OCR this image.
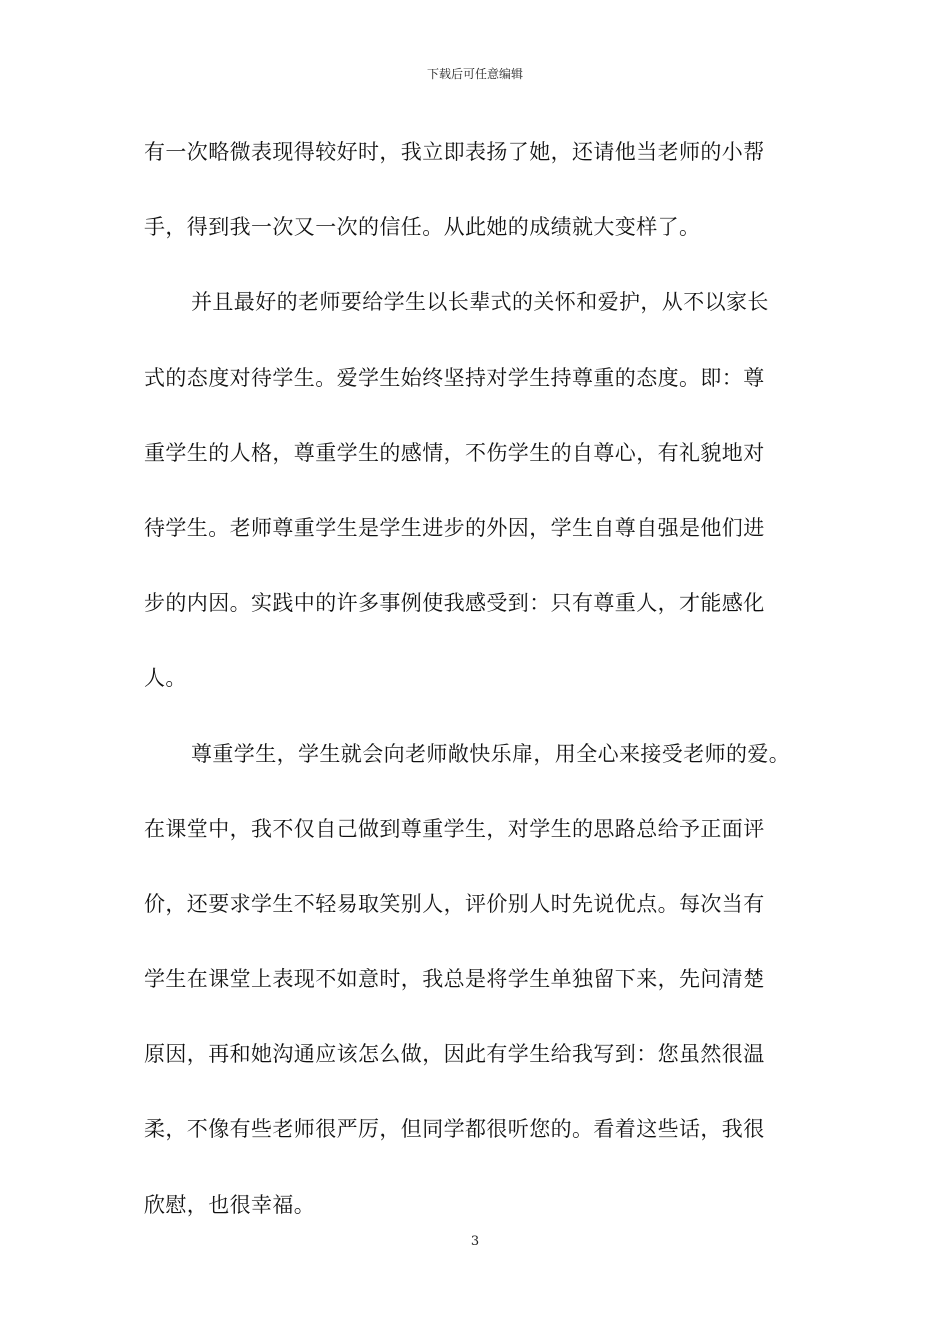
下载后可任意编辑
有一次略微表现得较好时，我立即表扬了她，还请他当老师的小帮
手，得到我一次又一次的信任。从此她的成绩就大变样了。
并且最好的老师要给学生以长辈式的关怀和爱护，从不以家长
式的态度对待学生。爱学生始终坚持对学生持尊重的态度。即：尊
重学生的人格，尊重学生的感情，不伤学生的自尊心，有礼貌地对
待学生。老师尊重学生是学生进步的外因，学生自尊自强是他们进
步的内因。实践中的许多事例使我感受到：只有尊重人，才能感化
人。
尊重学生，学生就会向老师敞快乐扉，用全心来接受老师的爱。
在课堂中，我不仅自己做到尊重学生，对学生的思路总给予正面评
价，还要求学生不轻易取笑别人，评价别人时先说优点。每次当有
学生在课堂上表现不如意时，我总是将学生单独留下来，先问清楚
原因，再和她沟通应该怎么做，因此有学生给我写到：您虽然很温
柔，不像有些老师很严厉，但同学都很听您的。看着这些话，我很
欣慰，也很幸福。
3
